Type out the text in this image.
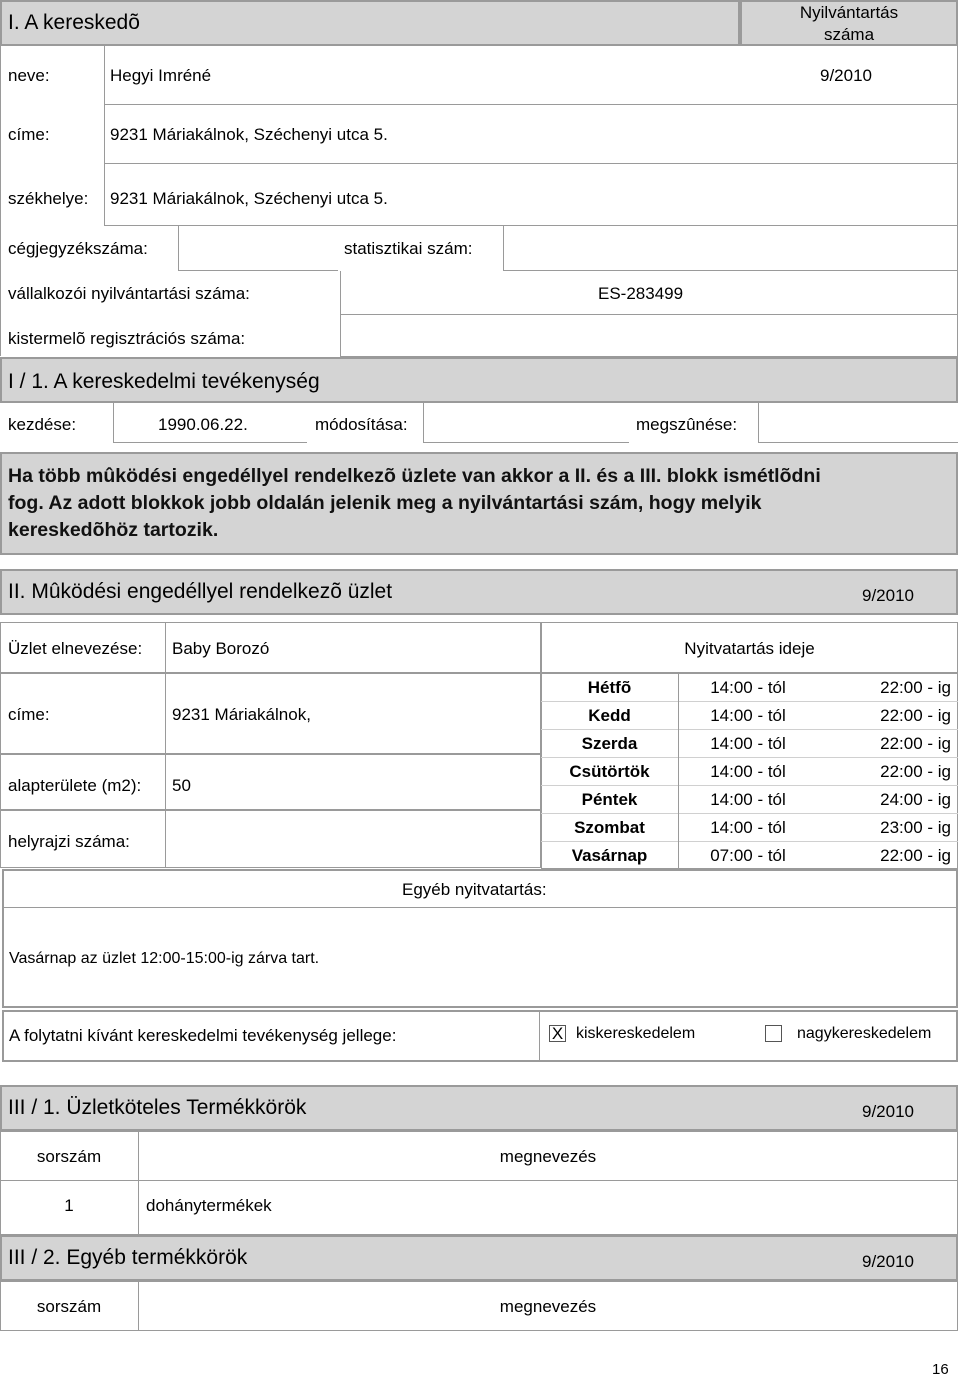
I. A kereskedõ	Nyilvántartás
száma
neve:	Hegyi Imréné	9/2010
címe:	9231 Máriakálnok, Széchenyi utca 5.
székhelye: 9231 Máriakálnok, Széchenyi utca 5.
cégjegyzékszáma:	statisztikai szám:
vállalkozói nyilvántartási száma:	ES-283499
kistermelõ regisztrációs száma:
I / 1. A kereskedelmi tevékenység
kezdése:	1990.06.22.	módosítása:	megszûnése:
Ha több mûködési engedéllyel rendelkezõ üzlete van akkor a II. és a III. blokk ismétlõdni
fog. Az adott blokkok jobb oldalán jelenik meg a nyilvántartási szám, hogy melyik
kereskedõhöz tartozik.
II. Mûködési engedéllyel rendelkezõ üzlet	9/2010
Üzlet elnevezése: Baby Borozó	Nyitvatartás ideje
címe:	9231 Máriakálnok,
alapterülete (m2): 50
helyrajzi száma:
Hétfõ	14:00 - tól	22:00 - ig
Kedd	14:00 - tól	22:00 - ig
Szerda	14:00 - tól	22:00 - ig
Csütörtök	14:00 - tól	22:00 - ig
Péntek	14:00 - tól	24:00 - ig
Szombat	14:00 - tól	23:00 - ig
Vasárnap	07:00 - tól	22:00 - ig
Egyéb nyitvatartás:
Vasárnap az üzlet 12:00-15:00-ig zárva tart.
A folytatni kívánt kereskedelmi tevékenység jellege:	X kiskereskedelem	nagykereskedelem
III / 1. Üzletköteles Termékkörök	9/2010
sorszám	megnevezés
1	dohánytermékek
III / 2. Egyéb termékkörök	9/2010
sorszám	megnevezés
16
